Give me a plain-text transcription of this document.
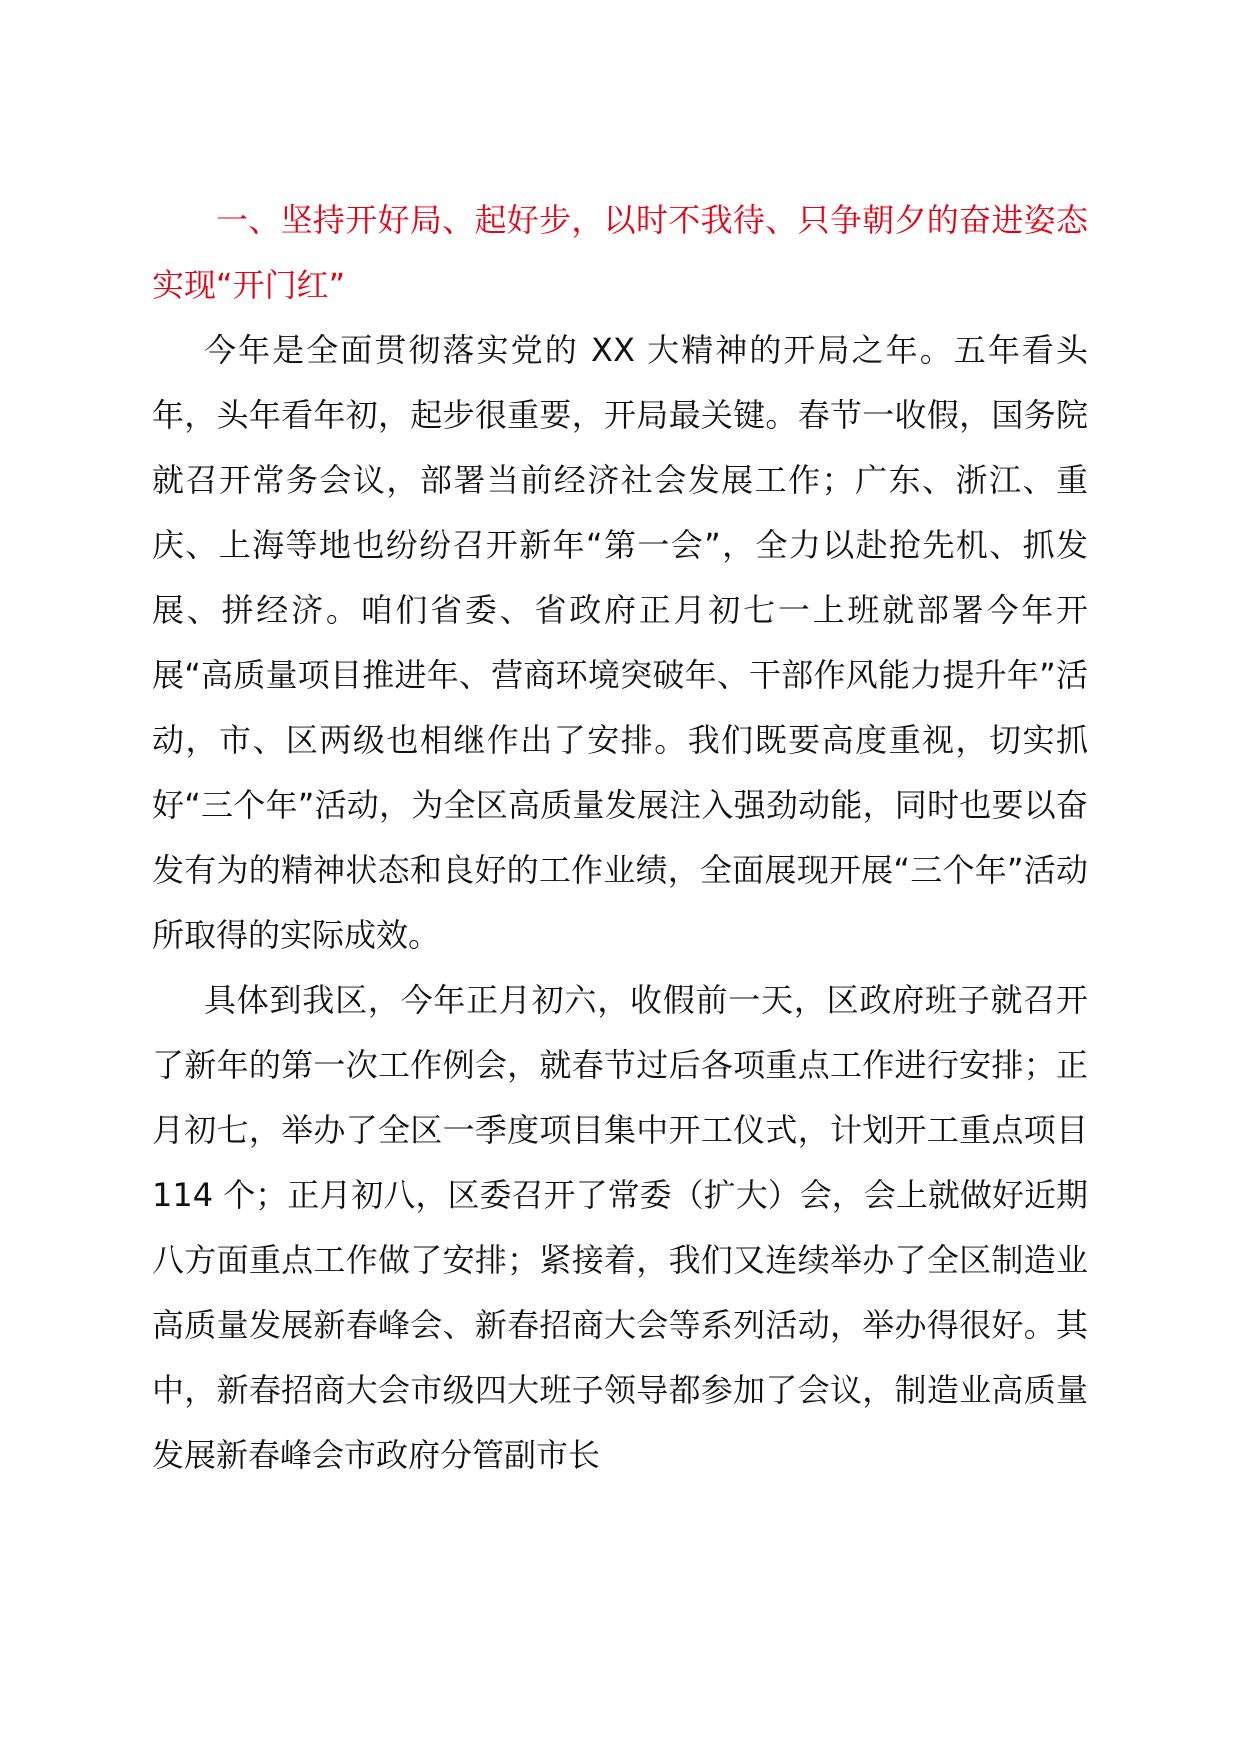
一、坚持开好局、起好步，以时不我待、只争朝夕的奋进姿态实现“开门红”

今年是全面贯彻落实党的 XX 大精神的开局之年。五年看头年，头年看年初，起步很重要，开局最关键。春节一收假，国务院就召开常务会议，部署当前经济社会发展工作；广东、浙江、重庆、上海等地也纷纷召开新年“第一会”，全力以赴抢先机、抓发展、拼经济。咱们省委、省政府正月初七一上班就部署今年开展“高质量项目推进年、营商环境突破年、干部作风能力提升年”活动，市、区两级也相继作出了安排。我们既要高度重视，切实抓好“三个年”活动，为全区高质量发展注入强劲动能，同时也要以奋发有为的精神状态和良好的工作业绩，全面展现开展“三个年”活动所取得的实际成效。

具体到我区，今年正月初六，收假前一天，区政府班子就召开了新年的第一次工作例会，就春节过后各项重点工作进行安排；正月初七，举办了全区一季度项目集中开工仪式，计划开工重点项目 114 个；正月初八，区委召开了常委（扩大）会，会上就做好近期八方面重点工作做了安排；紧接着，我们又连续举办了全区制造业高质量发展新春峰会、新春招商大会等系列活动，举办得很好。其中，新春招商大会市级四大班子领导都参加了会议，制造业高质量发展新春峰会市政府分管副市长
